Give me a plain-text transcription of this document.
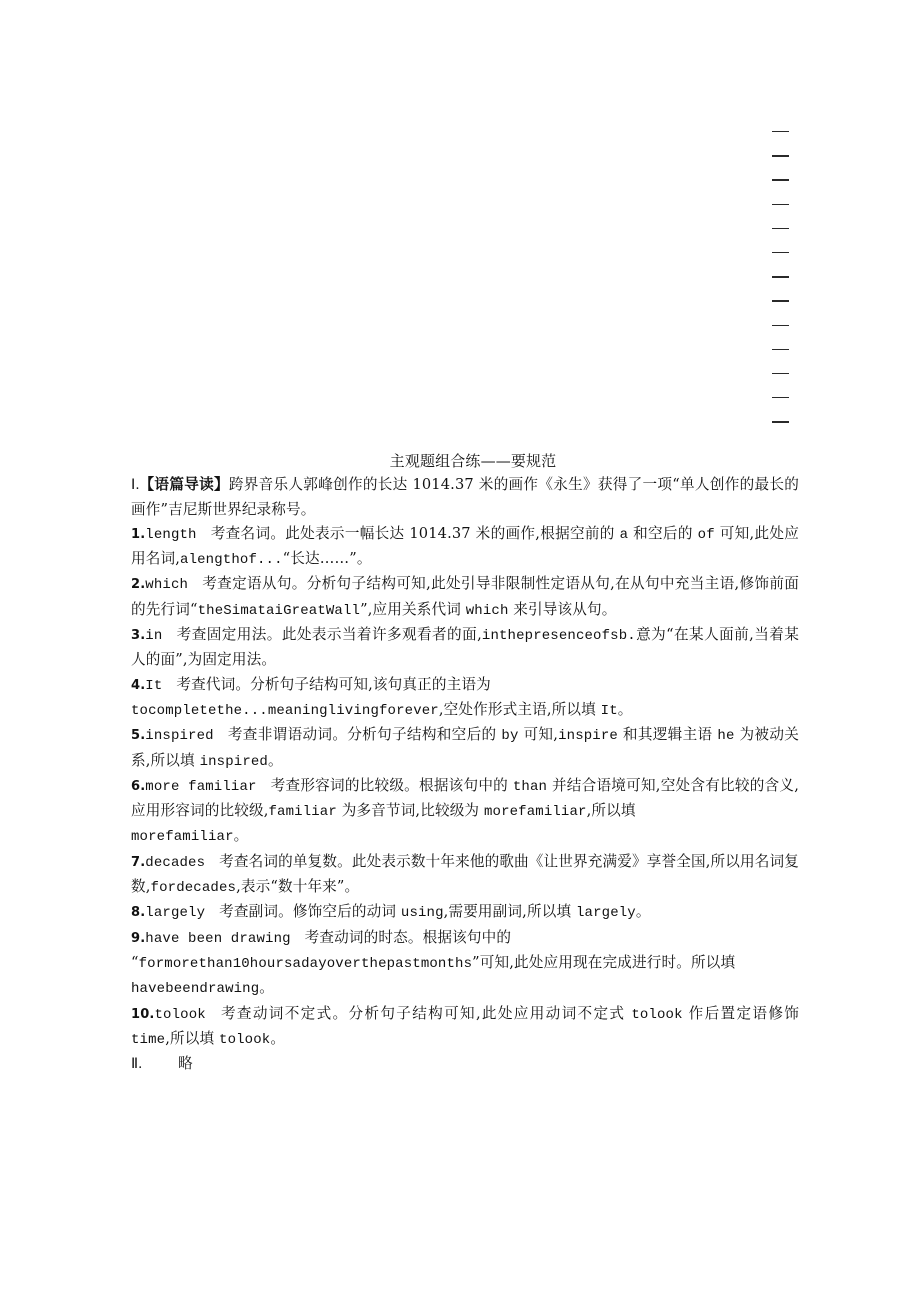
主观题组合练——要规范

Ⅰ.【语篇导读】跨界音乐人郭峰创作的长达 1014.37 米的画作《永生》获得了一项“单人创作的最长的画作”吉尼斯世界纪录称号。

1.length 考查名词。此处表示一幅长达 1014.37 米的画作,根据空前的 a 和空后的 of 可知,此处应用名词,alengthof...“长达……”。

2.which 考查定语从句。分析句子结构可知,此处引导非限制性定语从句,在从句中充当主语,修饰前面的先行词“theSimataiGreatWall”,应用关系代词 which 来引导该从句。

3.in 考查固定用法。此处表示当着许多观看者的面,inthepresenceofsb.意为“在某人面前,当着某人的面”,为固定用法。

4.It 考查代词。分析句子结构可知,该句真正的主语为
tocompletethe...meaninglivingforever,空处作形式主语,所以填 It。

5.inspired 考查非谓语动词。分析句子结构和空后的 by 可知,inspire 和其逻辑主语 he 为被动关系,所以填 inspired。

6.more familiar 考查形容词的比较级。根据该句中的 than 并结合语境可知,空处含有比较的含义,应用形容词的比较级,familiar 为多音节词,比较级为 morefamiliar,所以填
morefamiliar。

7.decades 考查名词的单复数。此处表示数十年来他的歌曲《让世界充满爱》享誉全国,所以用名词复数,fordecades,表示“数十年来”。

8.largely 考查副词。修饰空后的动词 using,需要用副词,所以填 largely。

9.have been drawing 考查动词的时态。根据该句中的
“formorethan10hoursadayoverthepastmonths”可知,此处应用现在完成进行时。所以填
havebeendrawing。

10.tolook 考查动词不定式。分析句子结构可知,此处应用动词不定式 tolook 作后置定语修饰 time,所以填 tolook。

Ⅱ. 略
